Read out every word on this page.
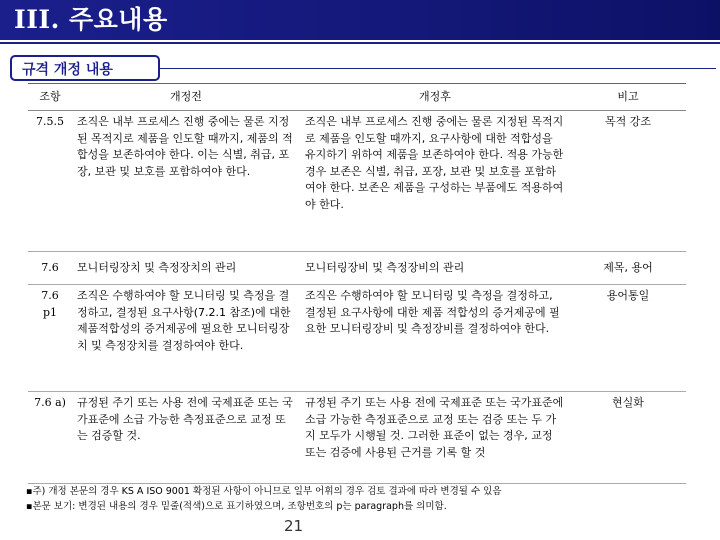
III. 주요내용
규격 개정 내용
조항	개정전	개정후	비고
7.5.5	조직은 내부 프로세스 진행 중에는 물론 지정된 목적지로 제품을 인도할 때까지, 제품의 적합성을 보존하여야 한다. 이는 식별, 취급, 포장, 보관 및 보호를 포함하여야 한다.	조직은 내부 프로세스 진행 중에는 물론 지정된 목적지로 제품을 인도할 때까지, 요구사항에 대한 적합성을 유지하기 위하여 제품을 보존하여야 한다. 적용 가능한 경우 보존은 식별, 취급, 포장, 보관 및 보호를 포함하여야 한다. 보존은 제품을 구성하는 부품에도 적용하여야 한다.	목적 강조
7.6	모니터링장치 및 측정장치의 관리	모니터링장비 및 측정장비의 관리	제목, 용어
7.6 p1	조직은 수행하여야 할 모니터링 및 측정을 결정하고, 결정된 요구사항(7.2.1 참조)에 대한 제품적합성의 증거제공에 필요한 모니터링장치 및 측정장치를 결정하여야 한다.	조직은 수행하여야 할 모니터링 및 측정을 결정하고, 결정된 요구사항에 대한 제품 적합성의 증거제공에 필요한 모니터링장비 및 측정장비를 결정하여야 한다.	용어통일
7.6 a)	규정된 주기 또는 사용 전에 국제표준 또는 국가표준에 소급 가능한 측정표준으로 교정 또는 검증할 것.	규정된 주기 또는 사용 전에 국제표준 또는 국가표준에 소급 가능한 측정표준으로 교정 또는 검증 또는 두 가지 모두가 시행될 것. 그러한 표준이 없는 경우, 교정 또는 검증에 사용된 근거를 기록 할 것	현실화
▪주) 개정 본문의 경우 KS A ISO 9001 확정된 사항이 아니므로 일부 어휘의 경우 검토 결과에 따라 변경될 수 있음
▪본문 보기: 변경된 내용의 경우 밑줄(적색)으로 표기하였으며, 조항번호의 p는 paragraph를 의미함.
21
